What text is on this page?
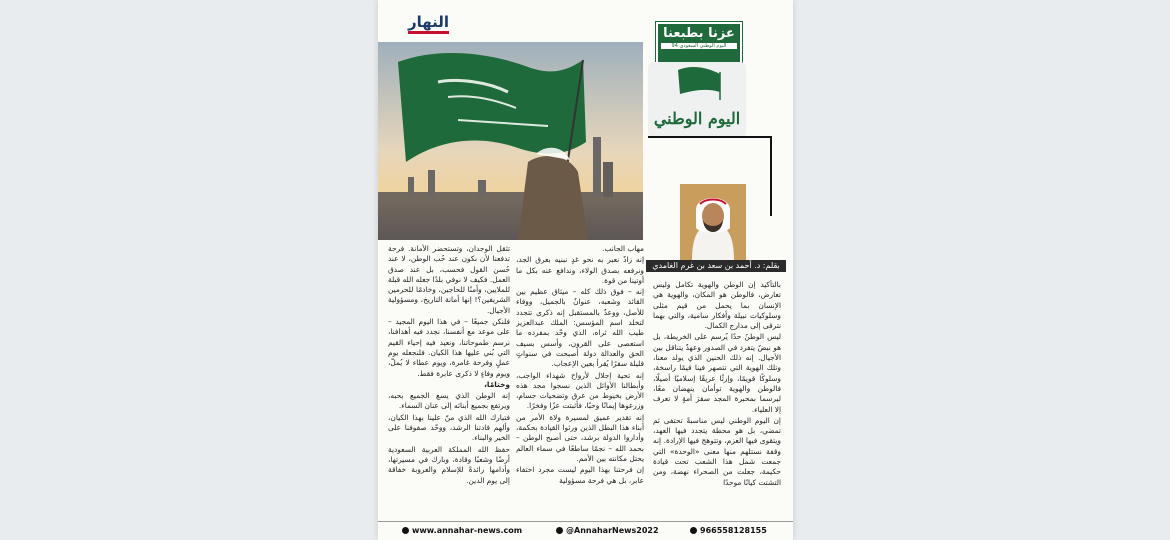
النهار
عزنا بطبعنا
اليوم الوطني السعودي 94
اليوم الوطني
بقلم: د. أحمد بن سعد بن غرم الغامدي

بالتأكيد إن الوطن والهوية تكامل وليس تعارض، فالوطن هو المكان، والهوية هي الإنسان بما يحمل من قيم مثلى وسلوكيات نبيلة وأفكار سامية، والتي بهما نترقى إلى مدارج الكمال.

ليس الوطنُ حدًا يُرسم على الخريطة، بل هو نبضٌ يتفرد في الصدور وعهدٌ يتناقل بين الأجيال. إنه ذلك الحنين الذي يولد معنا، وتلك الهوية التي تتصهر فينا قيمًا راسخة، وسلوكًا قويمًا، وإرثًا عريقًا إسلاميًا أصيلًا، فالوطن والهوية توأمان ينهضان معًا، ليرسما بمحبرة المجد سفرَ أمةٍ لا تعرف إلا العلياء.

إن اليوم الوطني ليس مناسبةً تحتفى ثم تمضي، بل هو محطة يتجدد فيها العهد، ويتقوى فيها العزم، وتتوهج فيها الإرادة. إنه وقفة نستلهم منها معنى «الوحدة» التي جمعت شمل هذا الشعب تحت قيادة حكيمة، جعلت من الصحراء نهضة، ومن التشتت كيانًا موحدًا

مهاب الجانب.

إنه زادٌ نعبر به نحو غدٍ نبنيه بعرق الجد، ونرفعه بصدق الولاء، وندافع عنه بكل ما أوتينا من قوة.

إنه – فوق ذلك كله – ميثاق عظيم بين القائد وشعبه، عنوانٌ بالجميل، ووفاء للأصل، ووعدٌ بالمستقبل إنه ذكرى تتجدد لتخلد اسم المؤسس: الملك عبدالعزيز طيب الله ثراه، الذي وحّد بمفرده ما استعصى على القرون، وأسس بسيف الحق والعدالة دولة أصبحت في سنواتٍ قليلة سفرًا يُقرأ بعين الإعجاب.

إنه تحية إجلال لأرواح شهداء الواجب، وأبطالنا الأوائل الذين نسجوا مجد هذه الأرض بخيوط من عرق وتضحيات جسام، وزرعوها إيمانًا وحبًا، فأثبتت عزًا وفخرًا.

إنه تقدير عميق لمسيرة ولاة الأمر من أبناء هذا البطل الذين ورثوا القيادة بحكمة، وأداروا الدولة برشد، حتى أصبح الوطن – بحمد الله – نجمًا ساطعًا في سماء العالم يحتل مكانته بين الأمم.

إن فرحتنا بهذا اليوم ليست مجرد احتفاء عابر، بل هي فرحة مسؤولية

تثقل الوجدان، وتستحضر الأمانة. فرحة تدفعنا لأن نكون عند حُب الوطن، لا عند حُسن القول فحسب، بل عند صدق العمل. فكيف لا نوفي بلدًا جعله الله قبلة للملايين، وأمنًا للحاجين، وخادمًا للحرمين الشريفين؟! إنها أمانة التاريخ، ومسؤولية الأجيال.

فلنكن جميعًا – في هذا اليوم المجيد – على موعد مع أنفسنا، نجدد فيه أهدافنا، نرسم طموحاتنا، ونعيد فيه إحياء القيم التي بُني عليها هذا الكيان. فلنجعله يوم عملٍ وفرحة غامرة، ويوم عطاء لا يُملّ، ويوم وفاءٍ لا ذكرى عابرة فقط.

وختامًا،

إنه الوطن الذي يسع الجميع بحبه، ويرتفع بجميع أبنائه إلى عنان السماء.

فتبارك الله الذي منّ علينا بهذا الكيان، وألهم قادتنا الرشد، ووحّد صفوفنا على الخير والبناء.

حفظ الله المملكة العربية السعودية أرضًا وشعبًا وقادة، وبارك في مسيرتها، وأدامها رائدةً للإسلام والعروبة خفاقة إلى يوم الدين.

www.annahar-news.com	@AnnaharNews2022	966558128155
